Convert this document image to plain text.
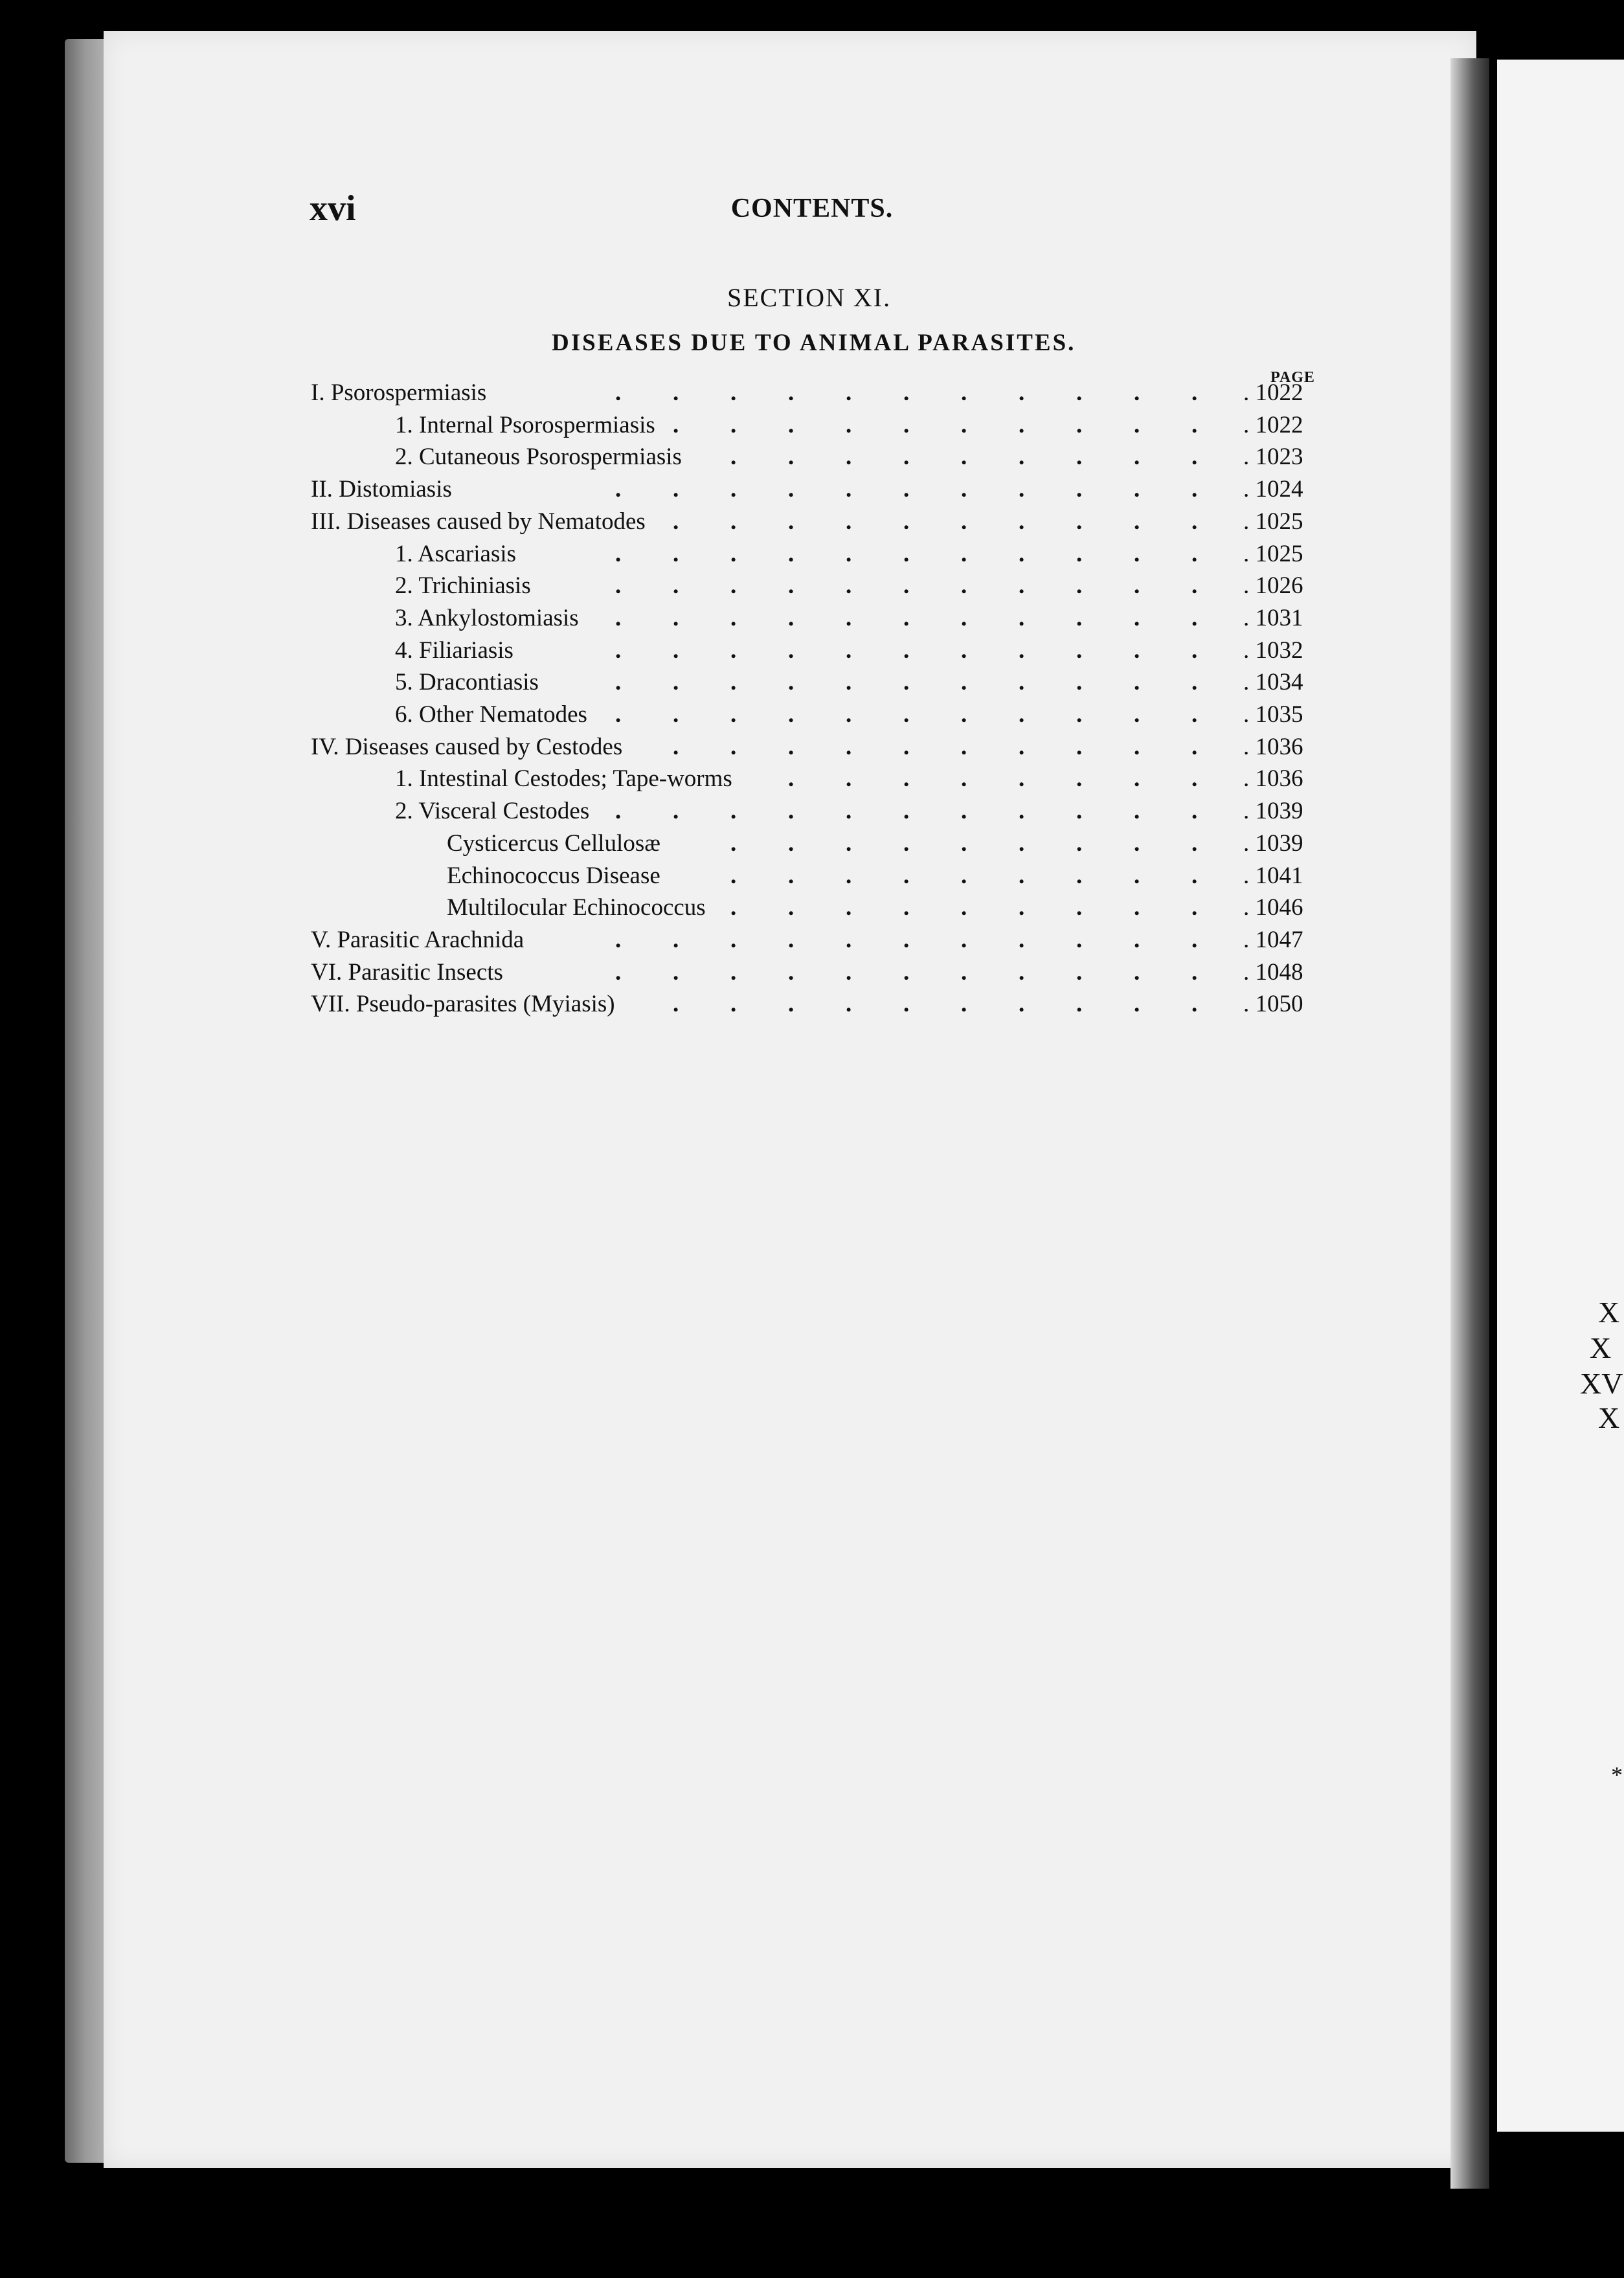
X
X
XV
X
*
xvi	CONTENTS.
SECTION XI.
DISEASES DUE TO ANIMAL PARASITES.
PAGE
I. Psorospermiasis	. 1022
. . . . . . . . . . .
1. Internal Psorospermiasis	. 1022
. . . . . . . . . .
2. Cutaneous Psorospermiasis	. 1023
. . . . . . . . .
II. Distomiasis	. 1024
. . . . . . . . . . .
III. Diseases caused by Nematodes	. 1025
. . . . . . . . . .
1. Ascariasis	. 1025
. . . . . . . . . . .
2. Trichiniasis	. 1026
. . . . . . . . . . .
3. Ankylostomiasis	. 1031
. . . . . . . . . . .
4. Filiariasis	. 1032
. . . . . . . . . . .
5. Dracontiasis	. 1034
. . . . . . . . . . .
6. Other Nematodes	. 1035
. . . . . . . . . . .
IV. Diseases caused by Cestodes	. 1036
. . . . . . . . . .
1. Intestinal Cestodes; Tape-worms	. 1036
. . . . . . . .
2. Visceral Cestodes	. 1039
. . . . . . . . . . .
Cysticercus Cellulosæ	. 1039
. . . . . . . . .
Echinococcus Disease	. 1041
. . . . . . . . .
Multilocular Echinococcus	. 1046
. . . . . . . . .
V. Parasitic Arachnida	. 1047
. . . . . . . . . . .
VI. Parasitic Insects	. 1048
. . . . . . . . . . .
VII. Pseudo-parasites (Myiasis)	. 1050
. . . . . . . . . .
